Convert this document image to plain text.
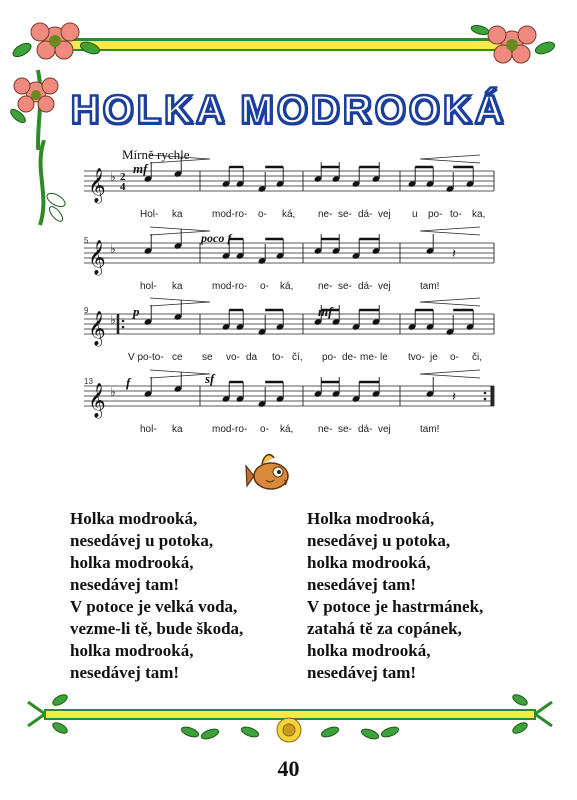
HOLKA MODROOKÁ
Mírně rychle
𝄞 ♭ 2
4
𝄞 ♭	𝄽
𝄞 ♭
𝄞 ♭	𝄽
mf
poco f
p	mf
f	sf
5
9
13
Hol- ka	mod- ro- o- ká, ne- se- dá- vej u po- to- ka,
hol- ka	mod- ro- o- ká, ne- se- dá- vej	tam!
V po- to- ce se vo- da to- čí, po- de- me- le tvo- je o- či,
hol- ka	mod- ro- o- ká, ne- se- dá- vej	tam!
Holka modrooká,
nesedávej u potoka,
holka modrooká,
nesedávej tam!
V potoce je velká voda,
vezme-li tě, bude škoda,
holka modrooká,
nesedávej tam!
Holka modrooká,
nesedávej u potoka,
holka modrooká,
nesedávej tam!
V potoce je hastrmánek,
zatahá tě za copánek,
holka modrooká,
nesedávej tam!
40
